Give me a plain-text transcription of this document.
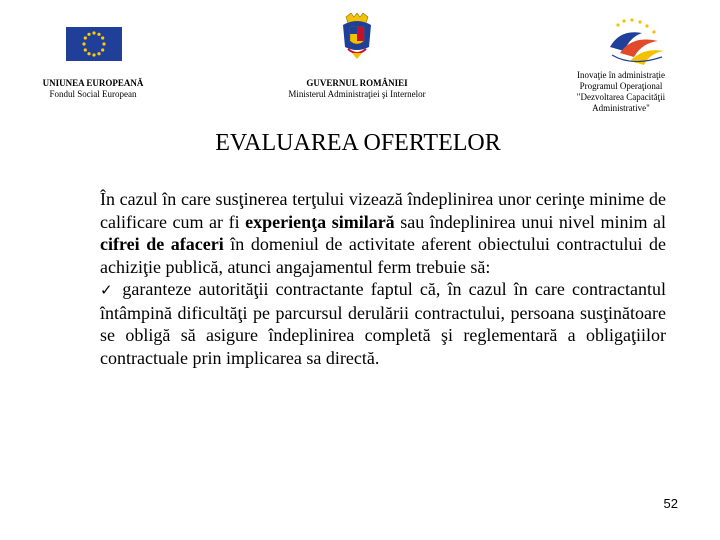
UNIUNEA EUROPEANĂ
Fondul Social European
GUVERNUL ROMÂNIEI
Ministerul Administraţiei şi Internelor
Inovaţie în administraţie
Programul Operaţional
"Dezvoltarea Capacităţii
Administrative"
EVALUAREA OFERTELOR

În cazul în care susţinerea terţului vizează îndeplinirea unor cerinţe minime de calificare cum ar fi experienţa similară sau îndeplinirea unui nivel minim al cifrei de afaceri în domeniul de activitate aferent obiectului contractului de achiziţie publică, atunci angajamentul ferm trebuie să:

✓ garanteze autorităţii contractante faptul că, în cazul în care contractantul întâmpină dificultăţi pe parcursul derulării contractului, persoana susţinătoare se obligă să asigure îndeplinirea completă şi reglementară a obligaţiilor contractuale prin implicarea sa directă.

52
